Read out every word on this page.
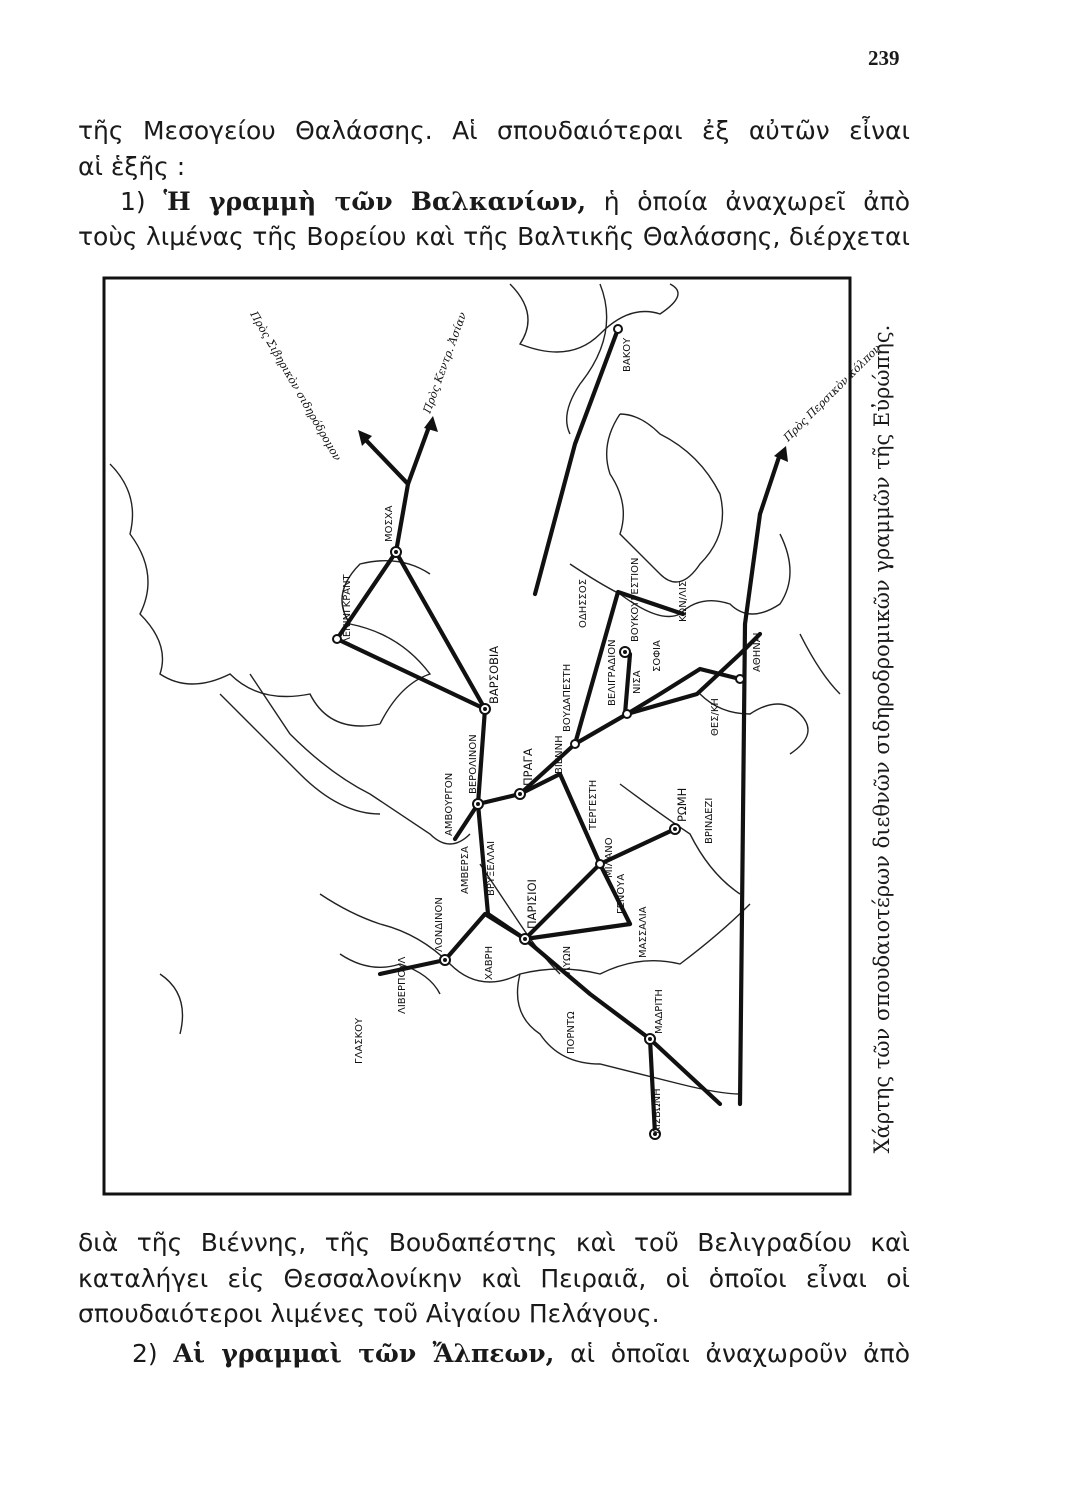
239
τῆς Μεσογείου Θαλάσσης. Αἱ σπουδαιότεραι ἐξ αὐτῶν εἶναι
αἱ ἑξῆς :
1) Ἡ γραμμὴ τῶν Βαλκανίων, ἡ ὁποία ἀναχωρεῖ ἀπὸ
τοὺς λιμένας τῆς Βορείου καὶ τῆς Βαλτικῆς Θαλάσσης, διέρχεται
ΛΕΝΙΝΓΚΡΑΝΤ
ΜΟΣΧΑ
ΒΑΡΣΟΒΙΑ
ΒΕΡΟΛΙΝΟΝ
ΑΜΒΟΥΡΓΟΝ
ΠΡΑΓΑ ΒΙΕΝΝΗ
ΒΟΥΔΑΠΕΣΤΗ
ΟΔΗΣΣΟΣ	ΒΟΥΚΟΥΡΕΣΤΙΟΝ
ΒΕΛΙΓΡΑΔΙΟΝ ΝΙΣΑ
ΣΟΦΙΑ
ΚΩΝ/ΛΙΣ
ΘΕΣ/ΚΗ
ΑΘΗΝΑΙ
ΒΑΚΟΥ
ΤΕΡΓΕΣΤΗ
ΜΙΛΑΝΟ
ΓΕΝΟΥΑ
ΡΩΜΗ ΒΡΙΝΔΕΖΙ
ΑΜΒΕΡΣΑ ΒΡΥΞΕΛΛΑΙ
ΛΟΝΔΙΝΟΝ
ΛΙΒΕΡΠΟΥΛ
ΓΛΑΣΚΟΥ
ΧΑΒΡΗ
ΠΑΡΙΣΙΟΙ
ΛΥΩΝ
ΜΑΣΣΑΛΙΑ
ΜΑΔΡΙΤΗ
ΠΟΡΝΤΩ
ΛΙΣΒΩΝΗ
Πρὸς Σιβηρικὸν σιδηρόδρομον	Πρὸς Κεντρ. Ἀσίαν	Πρὸς Περσικὸν κόλπον
Χάρτης τῶν σπουδαιοτέρων διεθνῶν σιδηροδρομικῶν γραμμῶν τῆς Εὐρώπης.
διὰ τῆς Βιέννης, τῆς Βουδαπέστης καὶ τοῦ Βελιγραδίου καὶ
καταλήγει εἰς Θεσσαλονίκην καὶ Πειραιᾶ, οἱ ὁποῖοι εἶναι οἱ
σπουδαιότεροι λιμένες τοῦ Αἰγαίου Πελάγους.
2) Αἱ γραμμαὶ τῶν Ἄλπεων, αἱ ὁποῖαι ἀναχωροῦν ἀπὸ
